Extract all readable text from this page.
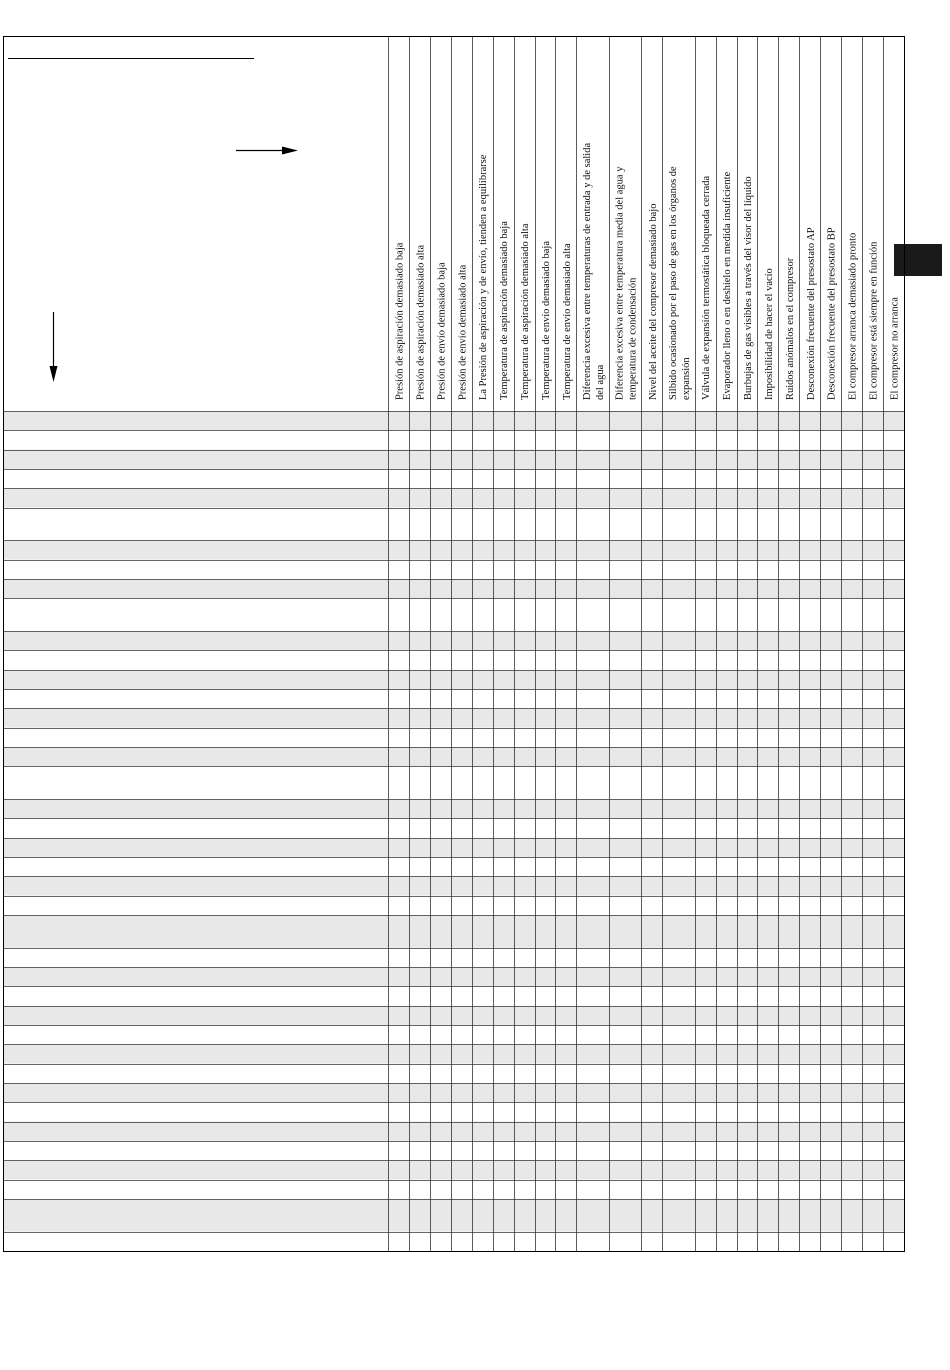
Presión de aspiración demasiado baja Presión de aspiración demasiado alta Presión de envío demasiado baja Presión de envío demasiado alta La Presión de aspiración y de envío, tienden a equilibrarse Temperatura de aspiración demasiado baja Temperatura de aspiración demasiado alta Temperatura de envío demasiado baja Temperatura de envío demasiado alta Diferencia excesiva entre temperaturas de entrada y de salida del agua Diferencia excesiva entre temperatura media del agua y temperatura de condensación Nivel del aceite del compresor demasiado bajo Silbido ocasionado por el paso de gas en los órganos de expansión Válvula de expansión termostática bloqueada cerrada Evaporador lleno o en deshielo en medida insuficiente Burbujas de gas visibles a través del visor del líquido Imposibilidad de hacer el vacío Ruidos anómalos en el compresor Desconexión frecuente del presostato AP Desconexión frecuente del presostato BP El compresor arranca demasiado pronto El compresor está siempre en función El compresor no arranca
